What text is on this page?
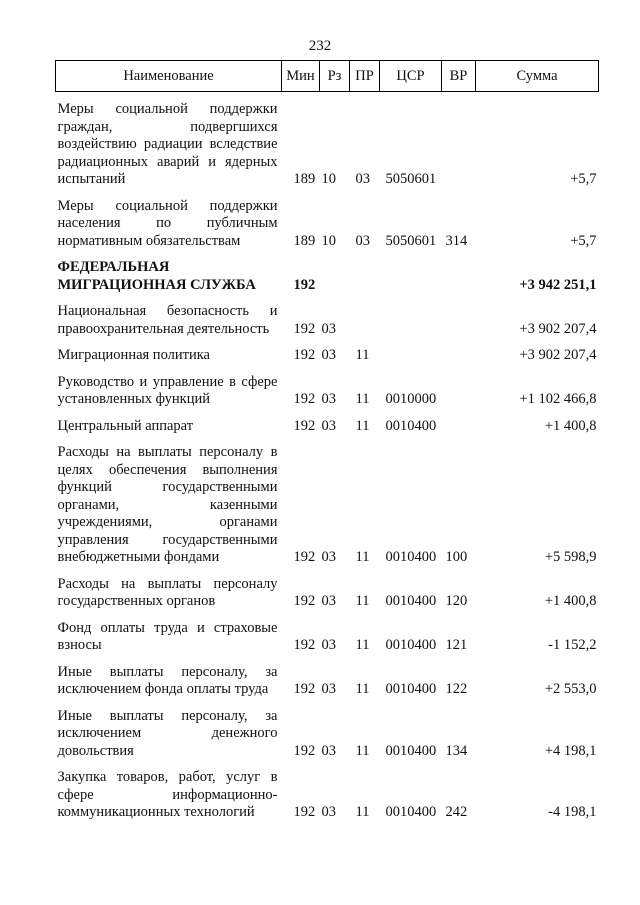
232
Наименование	Мин	Рз	ПР	ЦСР	ВР	Сумма

Меры социальной поддержки граждан, подвергшихся воздействию радиации вследствие радиационных аварий и ядерных испытаний	189	10	03	5050601		+5,7

Меры социальной поддержки населения по публичным нормативным обязательствам	189	10	03	5050601	314	+5,7

ФЕДЕРАЛЬНАЯ МИГРАЦИОННАЯ СЛУЖБА	192					+3 942 251,1

Национальная безопасность и правоохранительная деятельность	192	03				+3 902 207,4

Миграционная политика	192	03	11			+3 902 207,4

Руководство и управление в сфере установленных функций	192	03	11	0010000		+1 102 466,8

Центральный аппарат	192	03	11	0010400		+1 400,8

Расходы на выплаты персоналу в целях обеспечения выполнения функций государственными органами, казенными учреждениями, органами управления государственными внебюджетными фондами	192	03	11	0010400	100	+5 598,9

Расходы на выплаты персоналу государственных органов	192	03	11	0010400	120	+1 400,8

Фонд оплаты труда и страховые взносы	192	03	11	0010400	121	-1 152,2

Иные выплаты персоналу, за исключением фонда оплаты труда	192	03	11	0010400	122	+2 553,0

Иные выплаты персоналу, за исключением денежного довольствия	192	03	11	0010400	134	+4 198,1

Закупка товаров, работ, услуг в сфере информационно-коммуникационных технологий	192	03	11	0010400	242	-4 198,1
